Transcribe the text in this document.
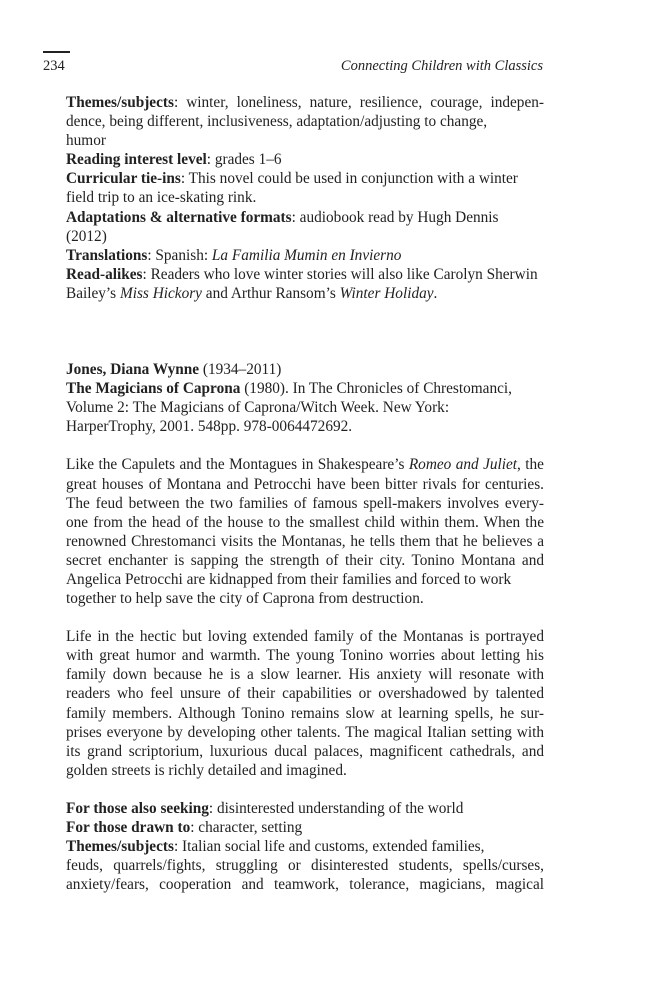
234	Connecting Children with Classics

Themes/subjects: winter, loneliness, nature, resilience, courage, indepen-
dence, being different, inclusiveness, adaptation/adjusting to change,
humor

Reading interest level: grades 1–6

Curricular tie-ins: This novel could be used in conjunction with a winter
field trip to an ice-skating rink.

Adaptations & alternative formats: audiobook read by Hugh Dennis
(2012)

Translations: Spanish: La Familia Mumin en Invierno

Read-alikes: Readers who love winter stories will also like Carolyn Sherwin
Bailey’s Miss Hickory and Arthur Ransom’s Winter Holiday.

Jones, Diana Wynne (1934–2011)

The Magicians of Caprona (1980). In The Chronicles of Chrestomanci,
Volume 2: The Magicians of Caprona/Witch Week. New York:
HarperTrophy, 2001. 548pp. 978-0064472692.

Like the Capulets and the Montagues in Shakespeare’s Romeo and Juliet, the
great houses of Montana and Petrocchi have been bitter rivals for centuries.
The feud between the two families of famous spell-makers involves every-
one from the head of the house to the smallest child within them. When the
renowned Chrestomanci visits the Montanas, he tells them that he believes a
secret enchanter is sapping the strength of their city. Tonino Montana and
Angelica Petrocchi are kidnapped from their families and forced to work
together to help save the city of Caprona from destruction.

Life in the hectic but loving extended family of the Montanas is portrayed
with great humor and warmth. The young Tonino worries about letting his
family down because he is a slow learner. His anxiety will resonate with
readers who feel unsure of their capabilities or overshadowed by talented
family members. Although Tonino remains slow at learning spells, he sur-
prises everyone by developing other talents. The magical Italian setting with
its grand scriptorium, luxurious ducal palaces, magnificent cathedrals, and
golden streets is richly detailed and imagined.

For those also seeking: disinterested understanding of the world

For those drawn to: character, setting

Themes/subjects: Italian social life and customs, extended families,
feuds, quarrels/fights, struggling or disinterested students, spells/curses,
anxiety/fears, cooperation and teamwork, tolerance, magicians, magical
